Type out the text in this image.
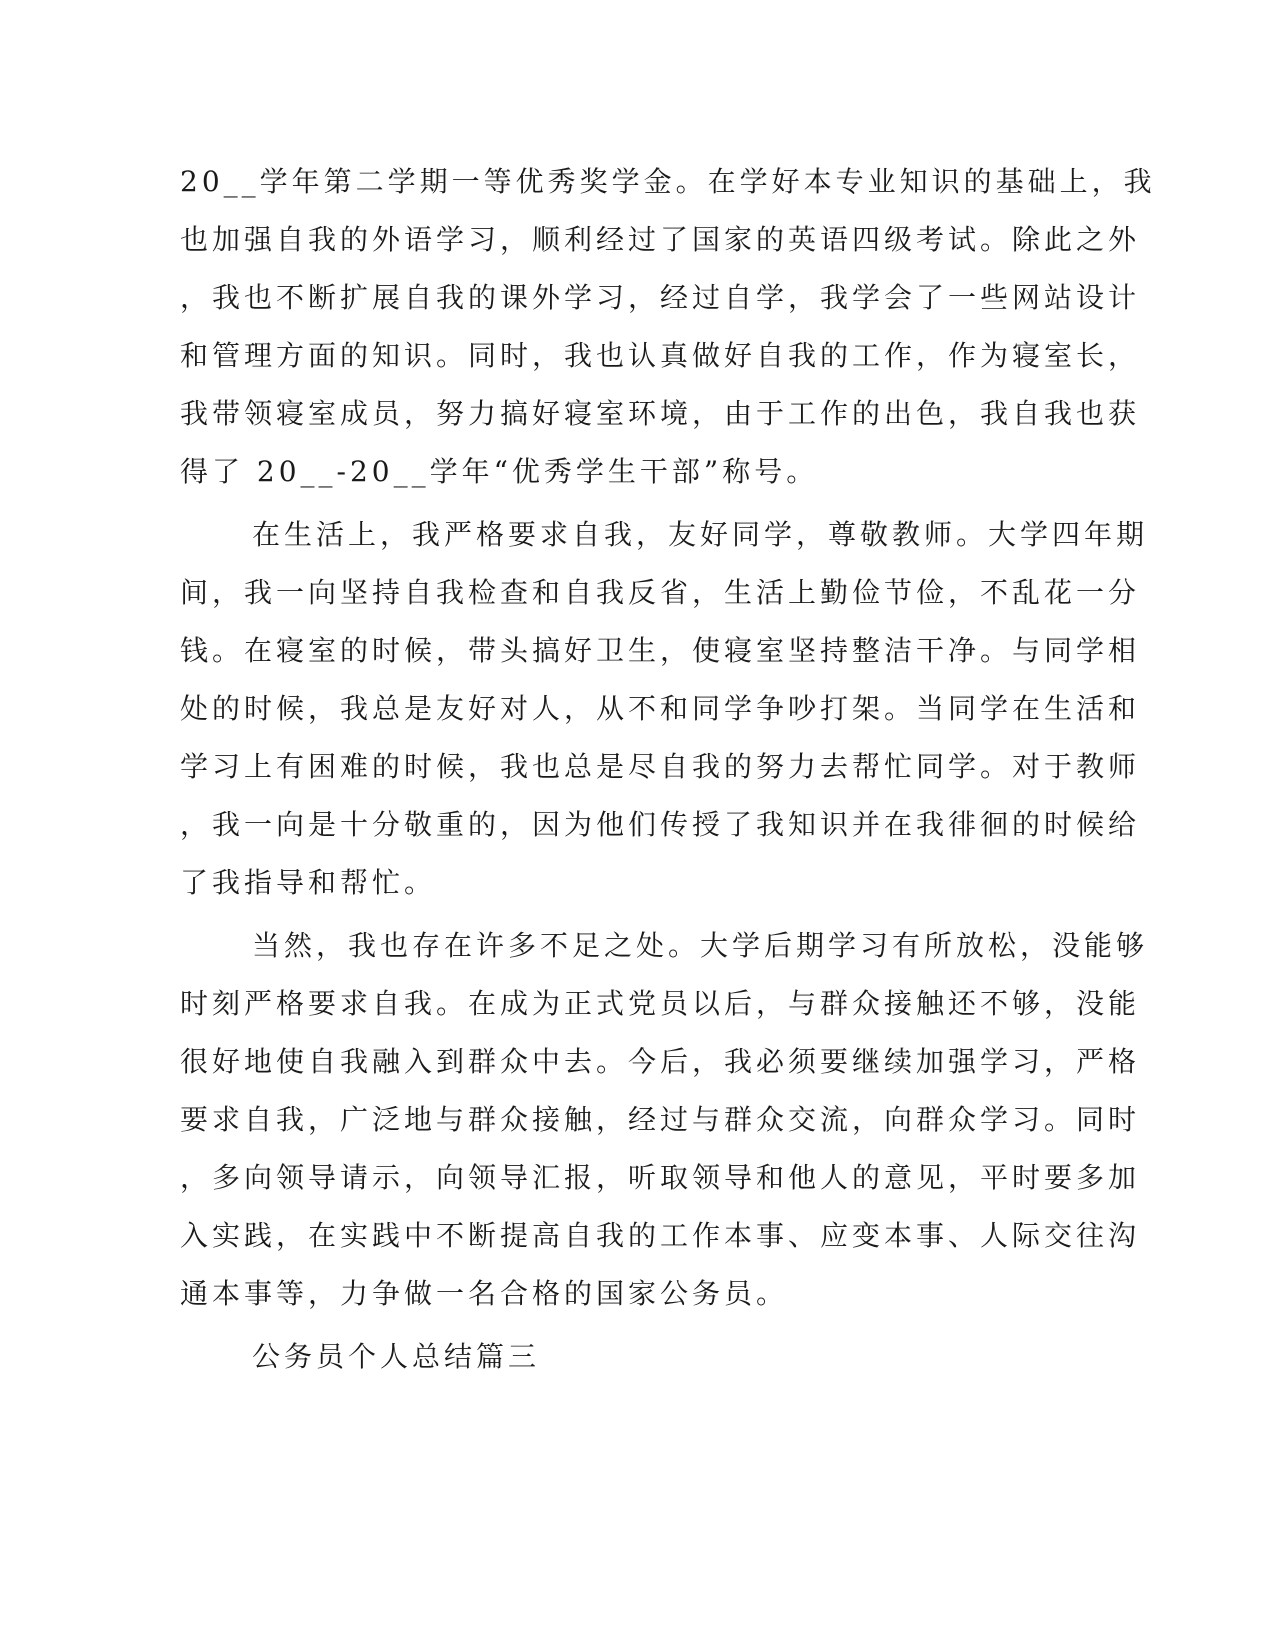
20__学年第二学期一等优秀奖学金。在学好本专业知识的基础上，我
也加强自我的外语学习，顺利经过了国家的英语四级考试。除此之外
，我也不断扩展自我的课外学习，经过自学，我学会了一些网站设计
和管理方面的知识。同时，我也认真做好自我的工作，作为寝室长，
我带领寝室成员，努力搞好寝室环境，由于工作的出色，我自我也获
得了 20__-20__学年“优秀学生干部”称号。
在生活上，我严格要求自我，友好同学，尊敬教师。大学四年期
间，我一向坚持自我检查和自我反省，生活上勤俭节俭，不乱花一分
钱。在寝室的时候，带头搞好卫生，使寝室坚持整洁干净。与同学相
处的时候，我总是友好对人，从不和同学争吵打架。当同学在生活和
学习上有困难的时候，我也总是尽自我的努力去帮忙同学。对于教师
，我一向是十分敬重的，因为他们传授了我知识并在我徘徊的时候给
了我指导和帮忙。
当然，我也存在许多不足之处。大学后期学习有所放松，没能够
时刻严格要求自我。在成为正式党员以后，与群众接触还不够，没能
很好地使自我融入到群众中去。今后，我必须要继续加强学习，严格
要求自我，广泛地与群众接触，经过与群众交流，向群众学习。同时
，多向领导请示，向领导汇报，听取领导和他人的意见，平时要多加
入实践，在实践中不断提高自我的工作本事、应变本事、人际交往沟
通本事等，力争做一名合格的国家公务员。
公务员个人总结篇三
